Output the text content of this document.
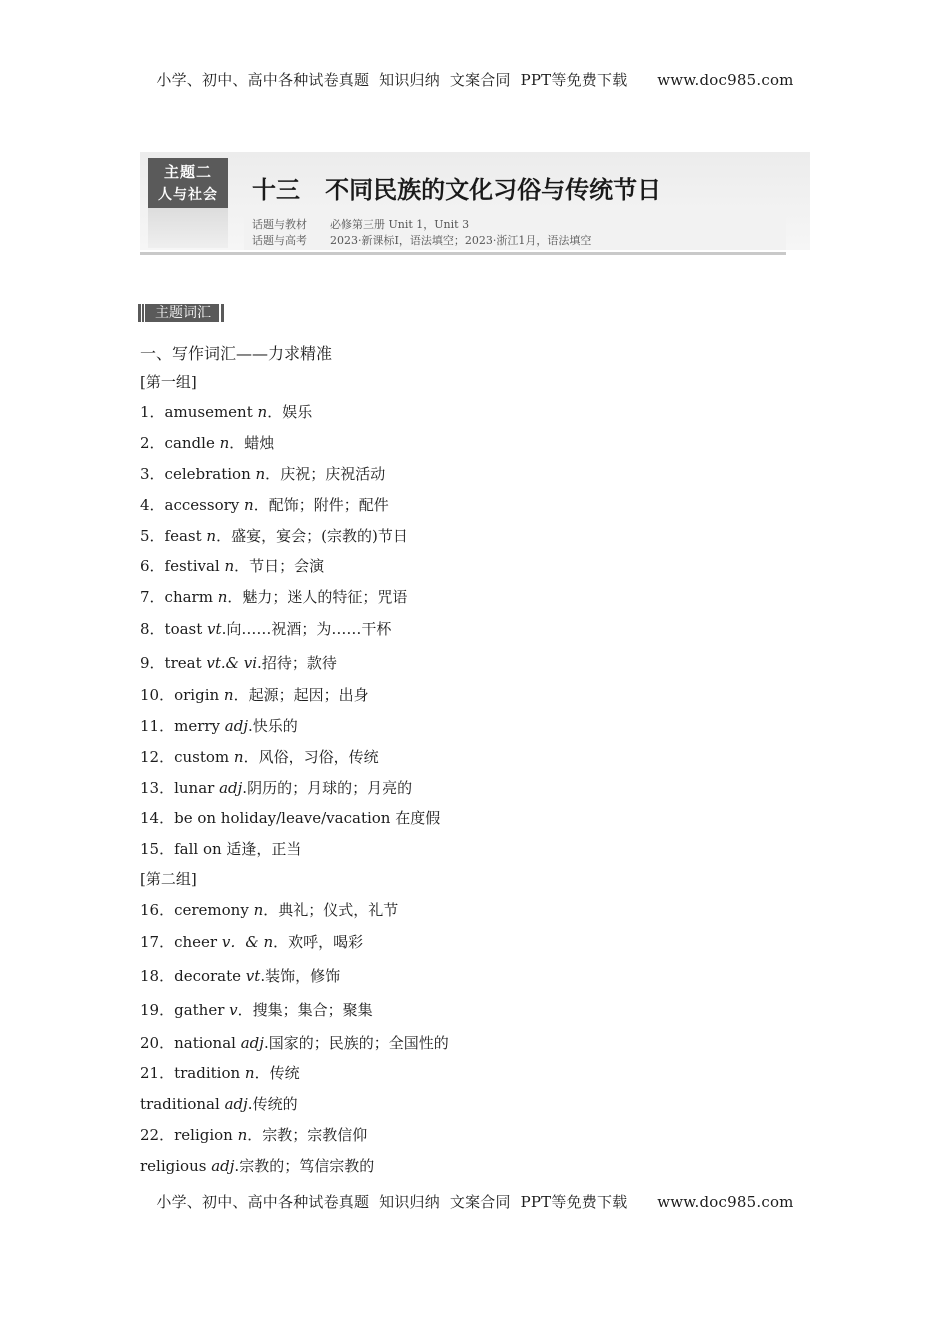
小学、初中、高中各种试卷真题  知识归纳  文案合同  PPT等免费下载      www.doc985.com
主题二
人与社会	十三   不同民族的文化习俗与传统节日
话题与教材 必修第三册 Unit 1，Unit 3
话题与高考 2023·新课标Ⅰ，语法填空；2023·浙江1月，语法填空
主题词汇
一、写作词汇——力求精准
[第一组]
1．amusement n．娱乐
2．candle n．蜡烛
3．celebration n．庆祝；庆祝活动
4．accessory n．配饰；附件；配件
5．feast n．盛宴，宴会；(宗教的)节日
6．festival n．节日；会演
7．charm n．魅力；迷人的特征；咒语
8．toast vt.向……祝酒；为……干杯
9．treat vt.& vi.招待；款待
10．origin n．起源；起因；出身
11．merry adj.快乐的
12．custom n．风俗，习俗，传统
13．lunar adj.阴历的；月球的；月亮的
14．be on holiday/leave/vacation 在度假
15．fall on 适逢，正当
[第二组]
16．ceremony n．典礼；仪式，礼节
17．cheer v．& n．欢呼，喝彩
18．decorate vt.装饰，修饰
19．gather v．搜集；集合；聚集
20．national adj.国家的；民族的；全国性的
21．tradition n．传统
traditional adj.传统的
22．religion n．宗教；宗教信仰
religious adj.宗教的；笃信宗教的
小学、初中、高中各种试卷真题  知识归纳  文案合同  PPT等免费下载      www.doc985.com
